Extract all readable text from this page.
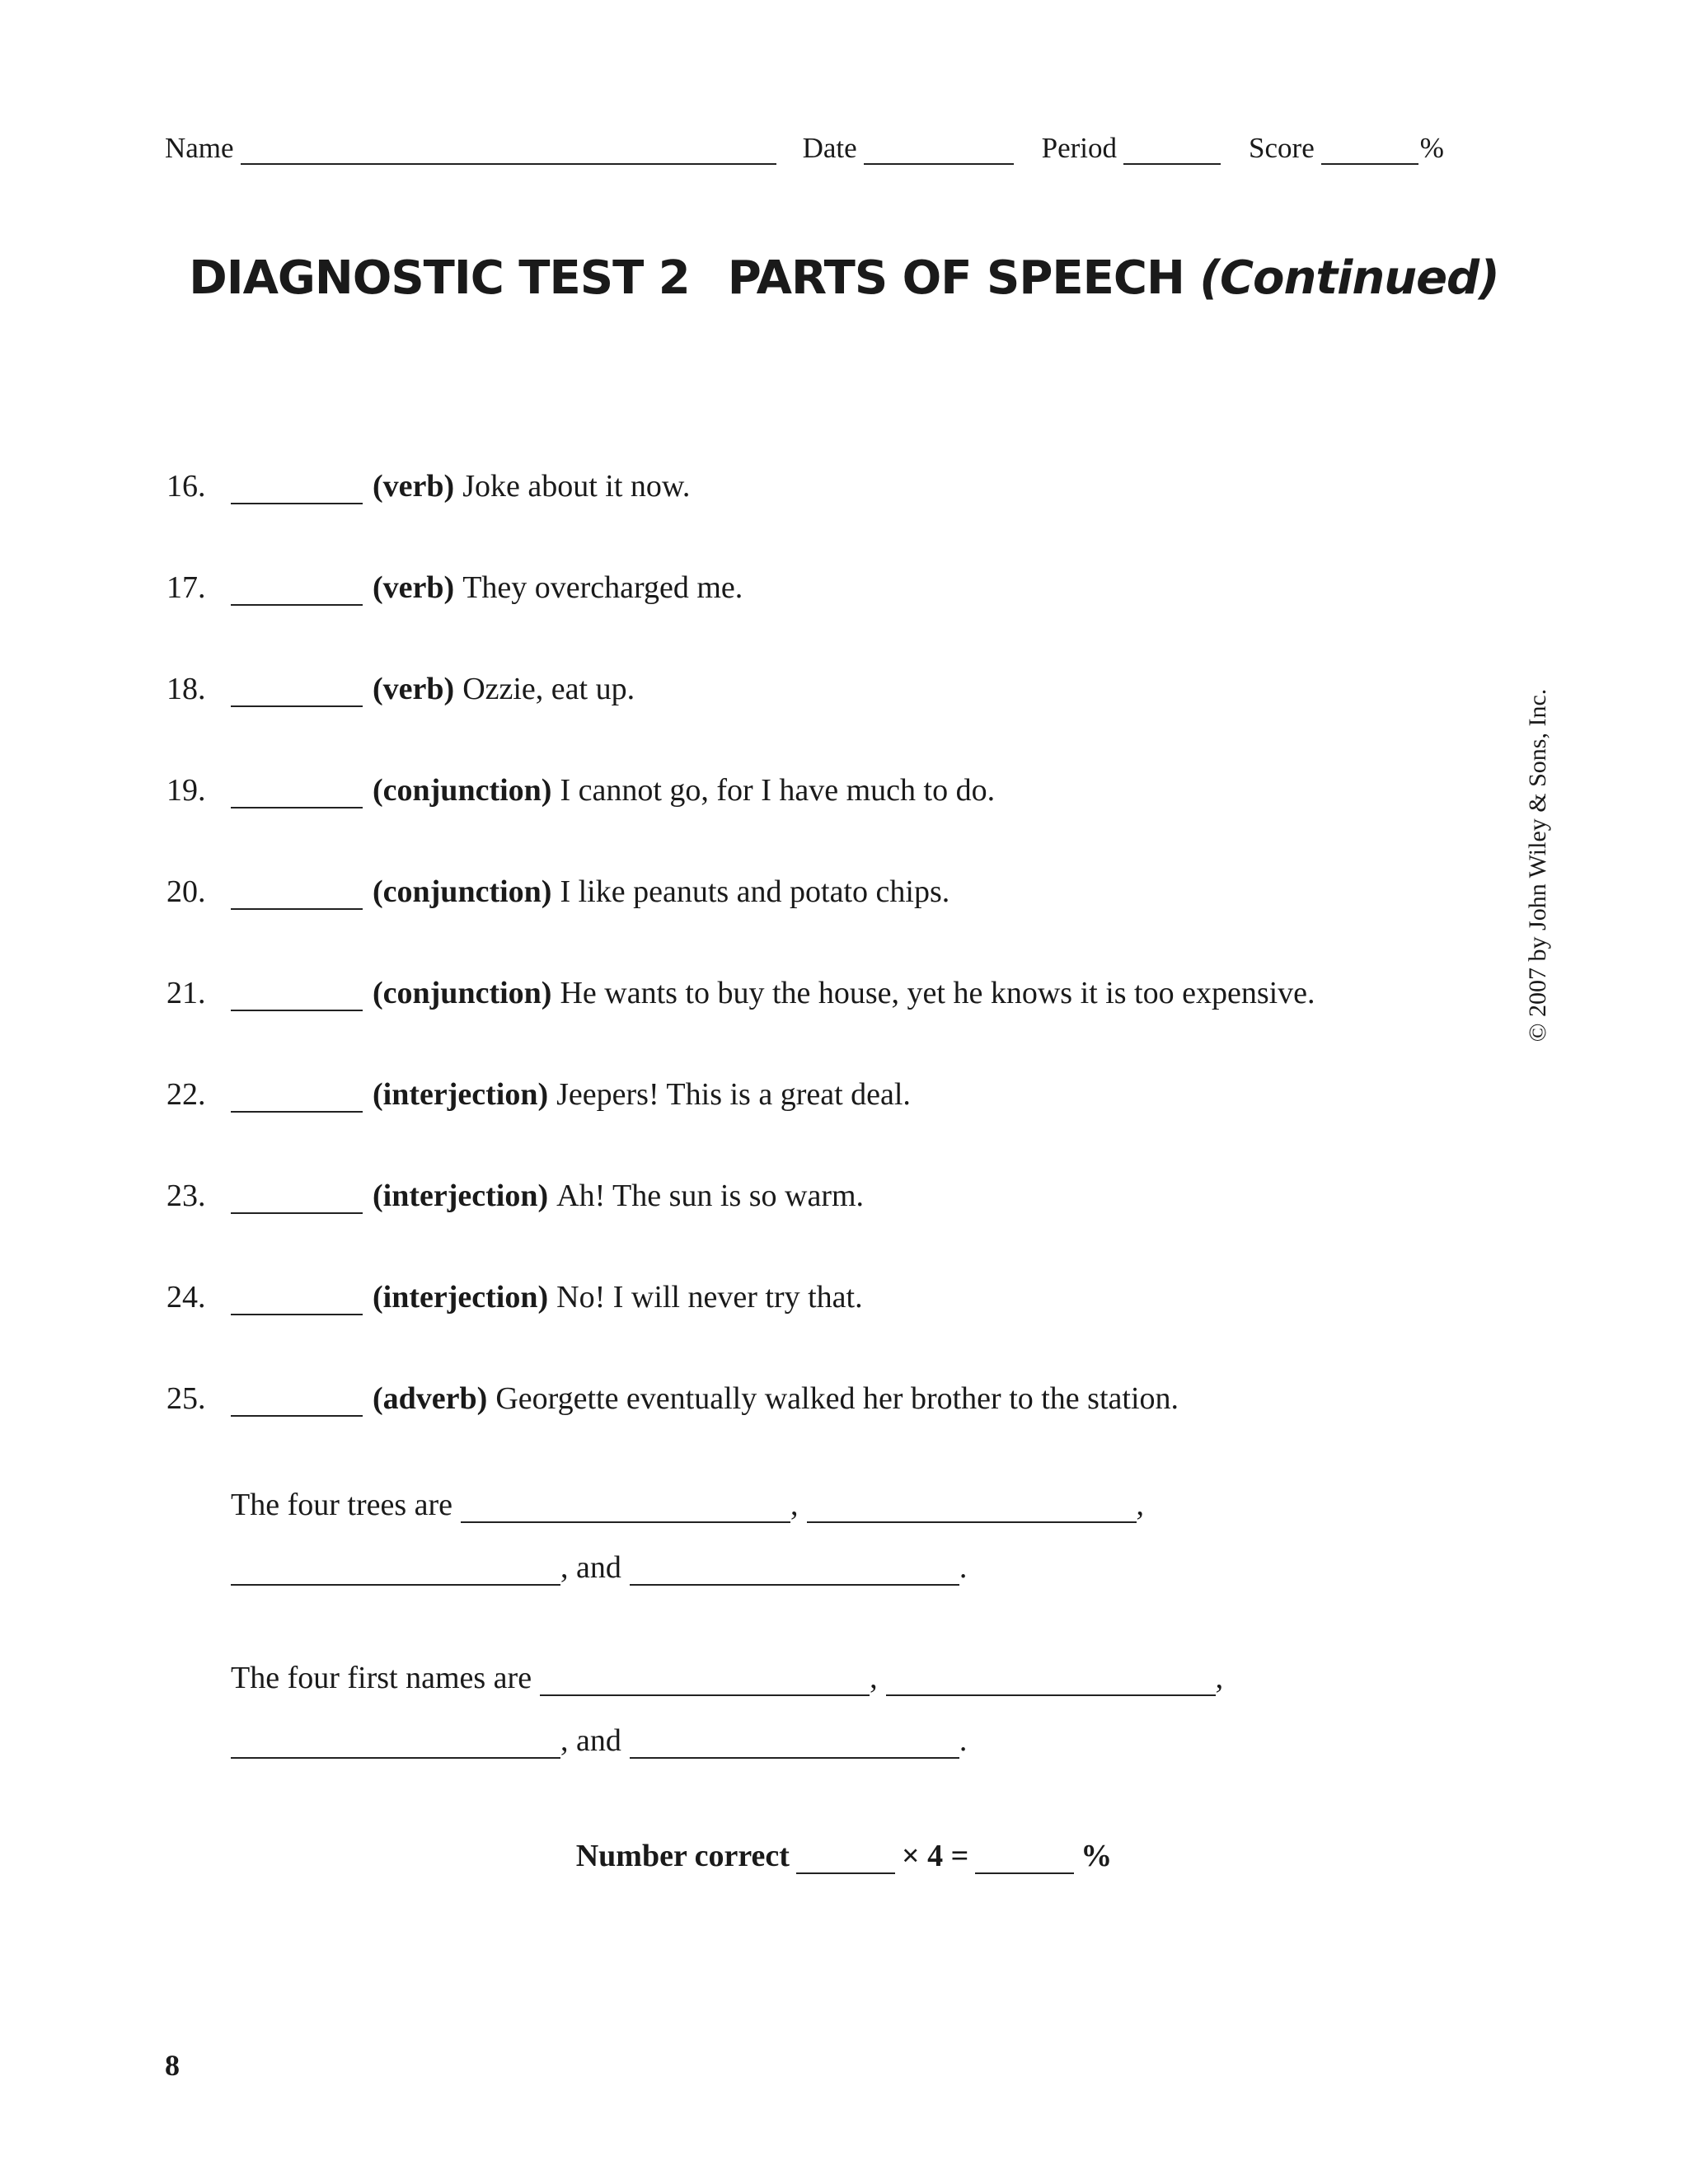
Name	Date	Period	Score	%
DIAGNOSTIC TEST 2 PARTS OF SPEECH (Continued)
16.	(verb) Joke about it now.
17.	(verb) They overcharged me.
18.	(verb) Ozzie, eat up.
19.	(conjunction) I cannot go, for I have much to do.
20.	(conjunction) I like peanuts and potato chips.
21.	(conjunction) He wants to buy the house, yet he knows it is too expensive.
22.	(interjection) Jeepers! This is a great deal.
23.	(interjection) Ah! The sun is so warm.
24.	(interjection) No! I will never try that.
25.	(adverb) Georgette eventually walked her brother to the station.
The four trees are	,	,
, and	.
The four first names are	,	,
, and	.
Number correct	× 4 =	%
8
© 2007 by John Wiley & Sons, Inc.
